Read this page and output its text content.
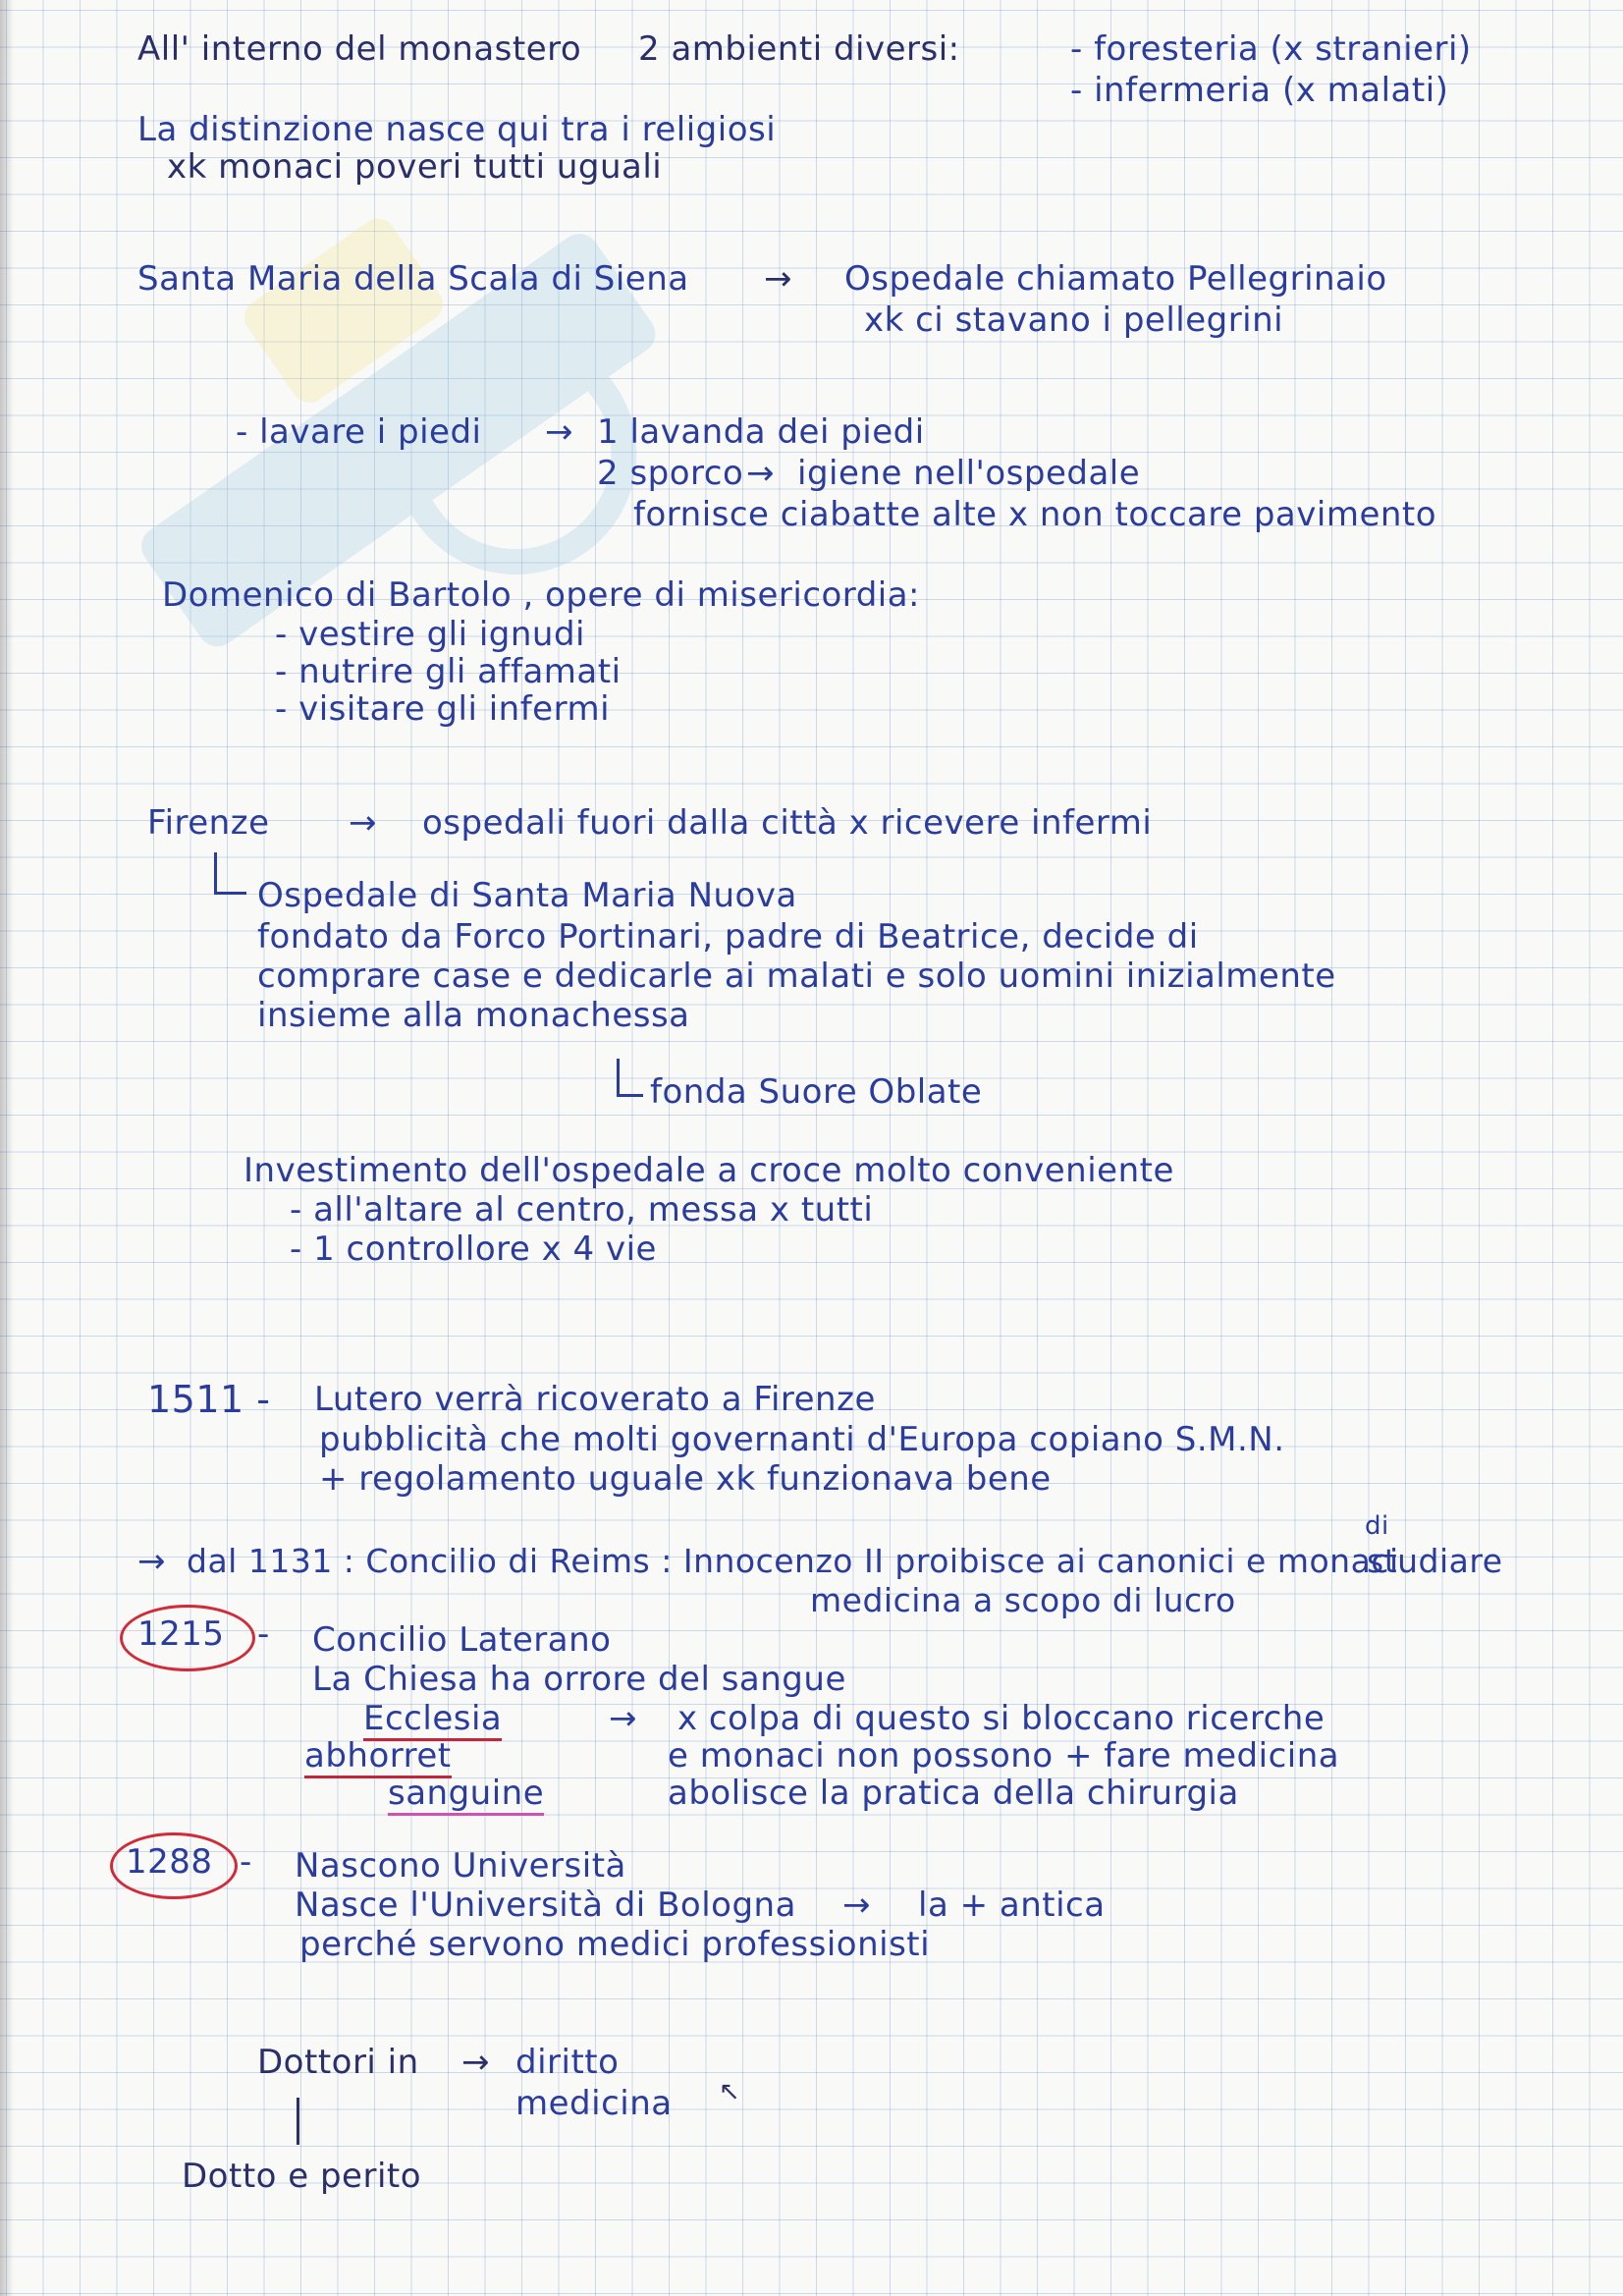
All' interno del monastero 2 ambienti diversi:	- foresteria (x stranieri)
- infermeria (x malati)
La distinzione nasce qui tra i religiosi
xk monaci poveri tutti uguali
Santa Maria della Scala di Siena → Ospedale chiamato Pellegrinaio
xk ci stavano i pellegrini
- lavare i piedi → 1 lavanda dei piedi
2 sporco → igiene nell'ospedale
fornisce ciabatte alte x non toccare pavimento
Domenico di Bartolo , opere di misericordia:
- vestire gli ignudi
- nutrire gli affamati
- visitare gli infermi
Firenze → ospedali fuori dalla città x ricevere infermi
Ospedale di Santa Maria Nuova
fondato da Forco Portinari, padre di Beatrice, decide di
comprare case e dedicarle ai malati e solo uomini inizialmente
insieme alla monachessa
fonda Suore Oblate
Investimento dell'ospedale a croce molto conveniente
- all'altare al centro, messa x tutti
- 1 controllore x 4 vie
1511 - Lutero verrà ricoverato a Firenze
pubblicità che molti governanti d'Europa copiano S.M.N.
+ regolamento uguale xk funzionava bene
→ dal 1131 : Concilio di Reims : Innocenzo II proibisce ai canonici e monaci
di
studiare
medicina a scopo di lucro
1215 - Concilio Laterano
La Chiesa ha orrore del sangue
Ecclesia
abhorret
sanguine
→ x colpa di questo si bloccano ricerche
e monaci non possono + fare medicina
abolisce la pratica della chirurgia
1288 - Nascono Università
Nasce l'Università di Bologna → la + antica
perché servono medici professionisti
Dottori in → diritto
medicina ↖
Dotto e perito
